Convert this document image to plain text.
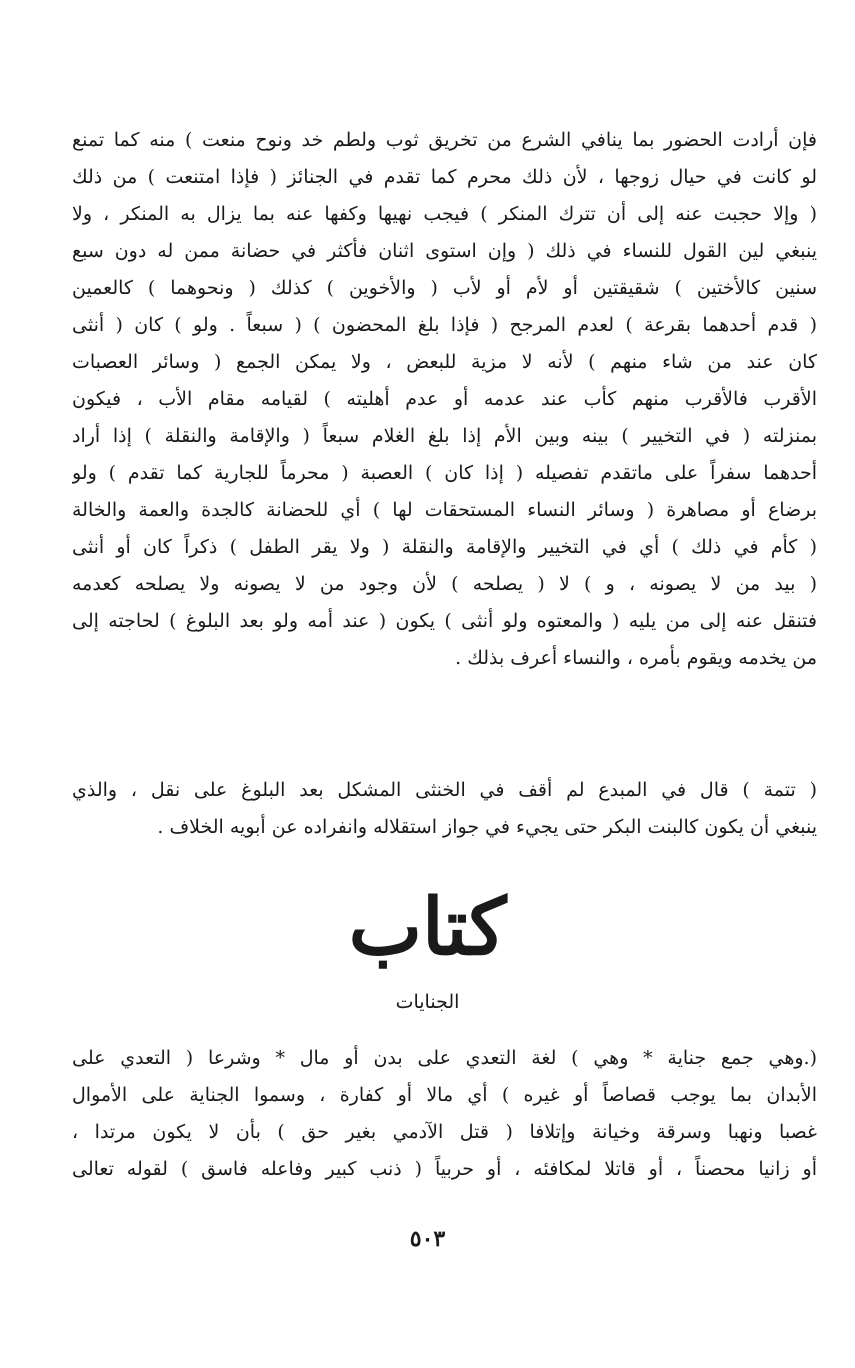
فإن أرادت الحضور بما ينافي الشرع من تخريق ثوب ولطم خد ونوح منعت ) منه كما تمنع
لو كانت في حيال زوجها ، لأن ذلك محرم كما تقدم في الجنائز ( فإذا امتنعت ) من ذلك
( وإلا حجبت عنه إلى أن تترك المنكر ) فيجب نهيها وكفها عنه بما يزال به المنكر ، ولا
ينبغي لين القول للنساء في ذلك ( وإن استوى اثنان فأكثر في حضانة ممن له دون سبع
سنين كالأختين ) شقيقتين أو لأم أو لأب ( والأخوين ) كذلك ( ونحوهما ) كالعمين
( قدم أحدهما بقرعة ) لعدم المرجح ( فإذا بلغ المحضون ) ( سبعاً . ولو ) كان ( أنثى
كان عند من شاء منهم ) لأنه لا مزية للبعض ، ولا يمكن الجمع ( وسائر العصبات
الأقرب فالأقرب منهم كأب عند عدمه أو عدم أهليته ) لقيامه مقام الأب ، فيكون
بمنزلته ( في التخيير ) بينه وبين الأم إذا بلغ الغلام سبعاً ( والإقامة والنقلة ) إذا أراد
أحدهما سفراً على ماتقدم تفصيله ( إذا كان ) العصبة ( محرماً للجارية كما تقدم ) ولو
برضاع أو مصاهرة ( وسائر النساء المستحقات لها ) أي للحضانة كالجدة والعمة والخالة
( كأم في ذلك ) أي في التخيير والإقامة والنقلة ( ولا يقر الطفل ) ذكراً كان أو أنثى
( بيد من لا يصونه ، و ) لا ( يصلحه ) لأن وجود من لا يصونه ولا يصلحه كعدمه
فتنقل عنه إلى من يليه ( والمعتوه ولو أنثى ) يكون ( عند أمه ولو بعد البلوغ ) لحاجته إلى
من يخدمه ويقوم بأمره ، والنساء أعرف بذلك .
( تتمة ) قال في المبدع لم أقف في الخنثى المشكل بعد البلوغ على نقل ، والذي
ينبغي أن يكون كالبنت البكر حتى يجيء في جواز استقلاله وانفراده عن أبويه الخلاف .
كتاب
الجنايات
(.وهي جمع جناية * وهي ) لغة التعدي على بدن أو مال * وشرعا ( التعدي على
الأبدان بما يوجب قصاصاً أو غيره ) أي مالا أو كفارة ، وسموا الجناية على الأموال
غصبا ونهبا وسرقة وخيانة وإتلافا ( قتل الآدمي بغير حق ) بأن لا يكون مرتدا ،
أو زانيا محصناً ، أو قاتلا لمكافئه ، أو حربياً ( ذنب كبير وفاعله فاسق ) لقوله تعالى
٥٠٣
